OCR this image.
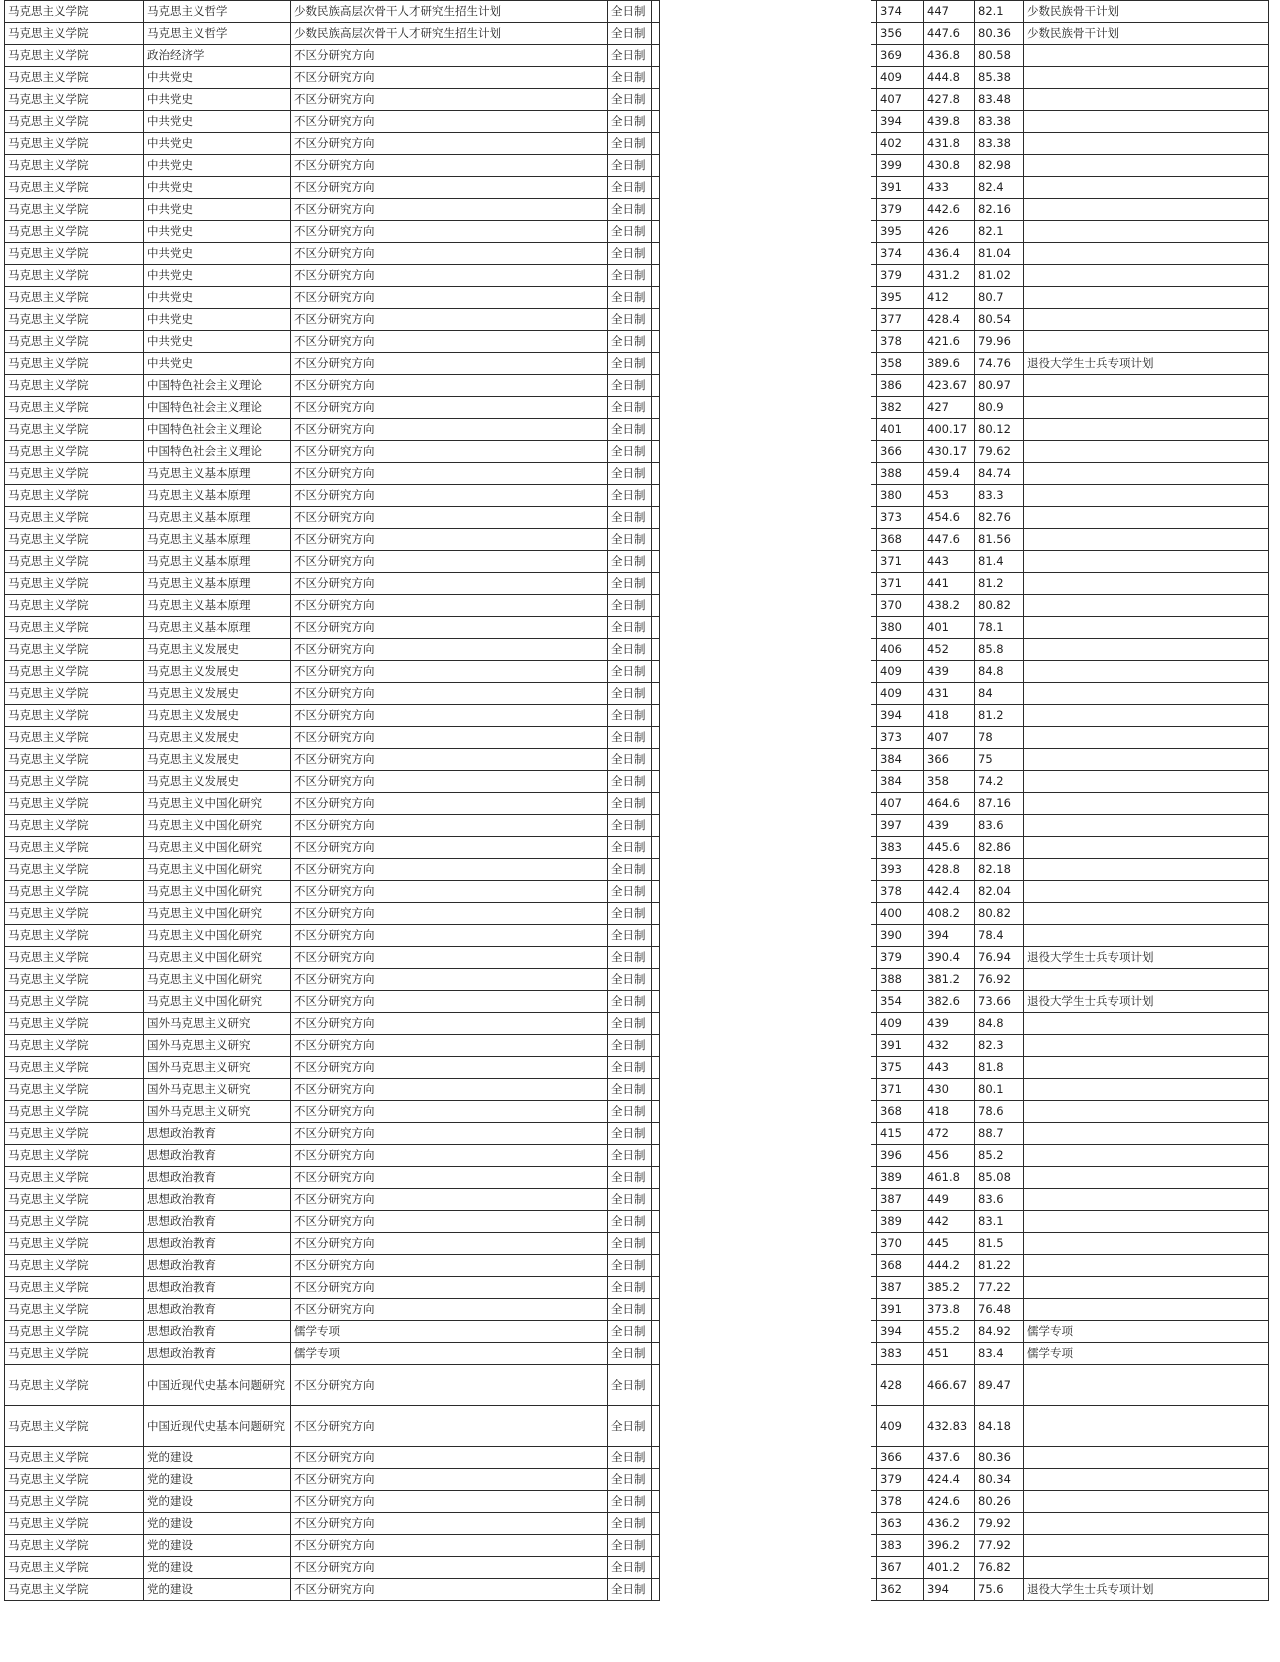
马克思主义学院	马克思主义哲学	少数民族高层次骨干人才研究生招生计划	全日制				374	447	82.1	少数民族骨干计划
马克思主义学院	马克思主义哲学	少数民族高层次骨干人才研究生招生计划	全日制				356	447.6	80.36	少数民族骨干计划
马克思主义学院	政治经济学	不区分研究方向	全日制				369	436.8	80.58	
马克思主义学院	中共党史	不区分研究方向	全日制				409	444.8	85.38	
马克思主义学院	中共党史	不区分研究方向	全日制				407	427.8	83.48	
马克思主义学院	中共党史	不区分研究方向	全日制				394	439.8	83.38	
马克思主义学院	中共党史	不区分研究方向	全日制				402	431.8	83.38	
马克思主义学院	中共党史	不区分研究方向	全日制				399	430.8	82.98	
马克思主义学院	中共党史	不区分研究方向	全日制				391	433	82.4	
马克思主义学院	中共党史	不区分研究方向	全日制				379	442.6	82.16	
马克思主义学院	中共党史	不区分研究方向	全日制				395	426	82.1	
马克思主义学院	中共党史	不区分研究方向	全日制				374	436.4	81.04	
马克思主义学院	中共党史	不区分研究方向	全日制				379	431.2	81.02	
马克思主义学院	中共党史	不区分研究方向	全日制				395	412	80.7	
马克思主义学院	中共党史	不区分研究方向	全日制				377	428.4	80.54	
马克思主义学院	中共党史	不区分研究方向	全日制				378	421.6	79.96	
马克思主义学院	中共党史	不区分研究方向	全日制				358	389.6	74.76	退役大学生士兵专项计划
马克思主义学院	中国特色社会主义理论	不区分研究方向	全日制				386	423.67	80.97	
马克思主义学院	中国特色社会主义理论	不区分研究方向	全日制				382	427	80.9	
马克思主义学院	中国特色社会主义理论	不区分研究方向	全日制				401	400.17	80.12	
马克思主义学院	中国特色社会主义理论	不区分研究方向	全日制				366	430.17	79.62	
马克思主义学院	马克思主义基本原理	不区分研究方向	全日制				388	459.4	84.74	
马克思主义学院	马克思主义基本原理	不区分研究方向	全日制				380	453	83.3	
马克思主义学院	马克思主义基本原理	不区分研究方向	全日制				373	454.6	82.76	
马克思主义学院	马克思主义基本原理	不区分研究方向	全日制				368	447.6	81.56	
马克思主义学院	马克思主义基本原理	不区分研究方向	全日制				371	443	81.4	
马克思主义学院	马克思主义基本原理	不区分研究方向	全日制				371	441	81.2	
马克思主义学院	马克思主义基本原理	不区分研究方向	全日制				370	438.2	80.82	
马克思主义学院	马克思主义基本原理	不区分研究方向	全日制				380	401	78.1	
马克思主义学院	马克思主义发展史	不区分研究方向	全日制				406	452	85.8	
马克思主义学院	马克思主义发展史	不区分研究方向	全日制				409	439	84.8	
马克思主义学院	马克思主义发展史	不区分研究方向	全日制				409	431	84	
马克思主义学院	马克思主义发展史	不区分研究方向	全日制				394	418	81.2	
马克思主义学院	马克思主义发展史	不区分研究方向	全日制				373	407	78	
马克思主义学院	马克思主义发展史	不区分研究方向	全日制				384	366	75	
马克思主义学院	马克思主义发展史	不区分研究方向	全日制				384	358	74.2	
马克思主义学院	马克思主义中国化研究	不区分研究方向	全日制				407	464.6	87.16	
马克思主义学院	马克思主义中国化研究	不区分研究方向	全日制				397	439	83.6	
马克思主义学院	马克思主义中国化研究	不区分研究方向	全日制				383	445.6	82.86	
马克思主义学院	马克思主义中国化研究	不区分研究方向	全日制				393	428.8	82.18	
马克思主义学院	马克思主义中国化研究	不区分研究方向	全日制				378	442.4	82.04	
马克思主义学院	马克思主义中国化研究	不区分研究方向	全日制				400	408.2	80.82	
马克思主义学院	马克思主义中国化研究	不区分研究方向	全日制				390	394	78.4	
马克思主义学院	马克思主义中国化研究	不区分研究方向	全日制				379	390.4	76.94	退役大学生士兵专项计划
马克思主义学院	马克思主义中国化研究	不区分研究方向	全日制				388	381.2	76.92	
马克思主义学院	马克思主义中国化研究	不区分研究方向	全日制				354	382.6	73.66	退役大学生士兵专项计划
马克思主义学院	国外马克思主义研究	不区分研究方向	全日制				409	439	84.8	
马克思主义学院	国外马克思主义研究	不区分研究方向	全日制				391	432	82.3	
马克思主义学院	国外马克思主义研究	不区分研究方向	全日制				375	443	81.8	
马克思主义学院	国外马克思主义研究	不区分研究方向	全日制				371	430	80.1	
马克思主义学院	国外马克思主义研究	不区分研究方向	全日制				368	418	78.6	
马克思主义学院	思想政治教育	不区分研究方向	全日制				415	472	88.7	
马克思主义学院	思想政治教育	不区分研究方向	全日制				396	456	85.2	
马克思主义学院	思想政治教育	不区分研究方向	全日制				389	461.8	85.08	
马克思主义学院	思想政治教育	不区分研究方向	全日制				387	449	83.6	
马克思主义学院	思想政治教育	不区分研究方向	全日制				389	442	83.1	
马克思主义学院	思想政治教育	不区分研究方向	全日制				370	445	81.5	
马克思主义学院	思想政治教育	不区分研究方向	全日制				368	444.2	81.22	
马克思主义学院	思想政治教育	不区分研究方向	全日制				387	385.2	77.22	
马克思主义学院	思想政治教育	不区分研究方向	全日制				391	373.8	76.48	
马克思主义学院	思想政治教育	儒学专项	全日制				394	455.2	84.92	儒学专项
马克思主义学院	思想政治教育	儒学专项	全日制				383	451	83.4	儒学专项
马克思主义学院	中国近现代史基本问题研究	不区分研究方向	全日制				428	466.67	89.47	
马克思主义学院	中国近现代史基本问题研究	不区分研究方向	全日制				409	432.83	84.18	
马克思主义学院	党的建设	不区分研究方向	全日制				366	437.6	80.36	
马克思主义学院	党的建设	不区分研究方向	全日制				379	424.4	80.34	
马克思主义学院	党的建设	不区分研究方向	全日制				378	424.6	80.26	
马克思主义学院	党的建设	不区分研究方向	全日制				363	436.2	79.92	
马克思主义学院	党的建设	不区分研究方向	全日制				383	396.2	77.92	
马克思主义学院	党的建设	不区分研究方向	全日制				367	401.2	76.82	
马克思主义学院	党的建设	不区分研究方向	全日制				362	394	75.6	退役大学生士兵专项计划
